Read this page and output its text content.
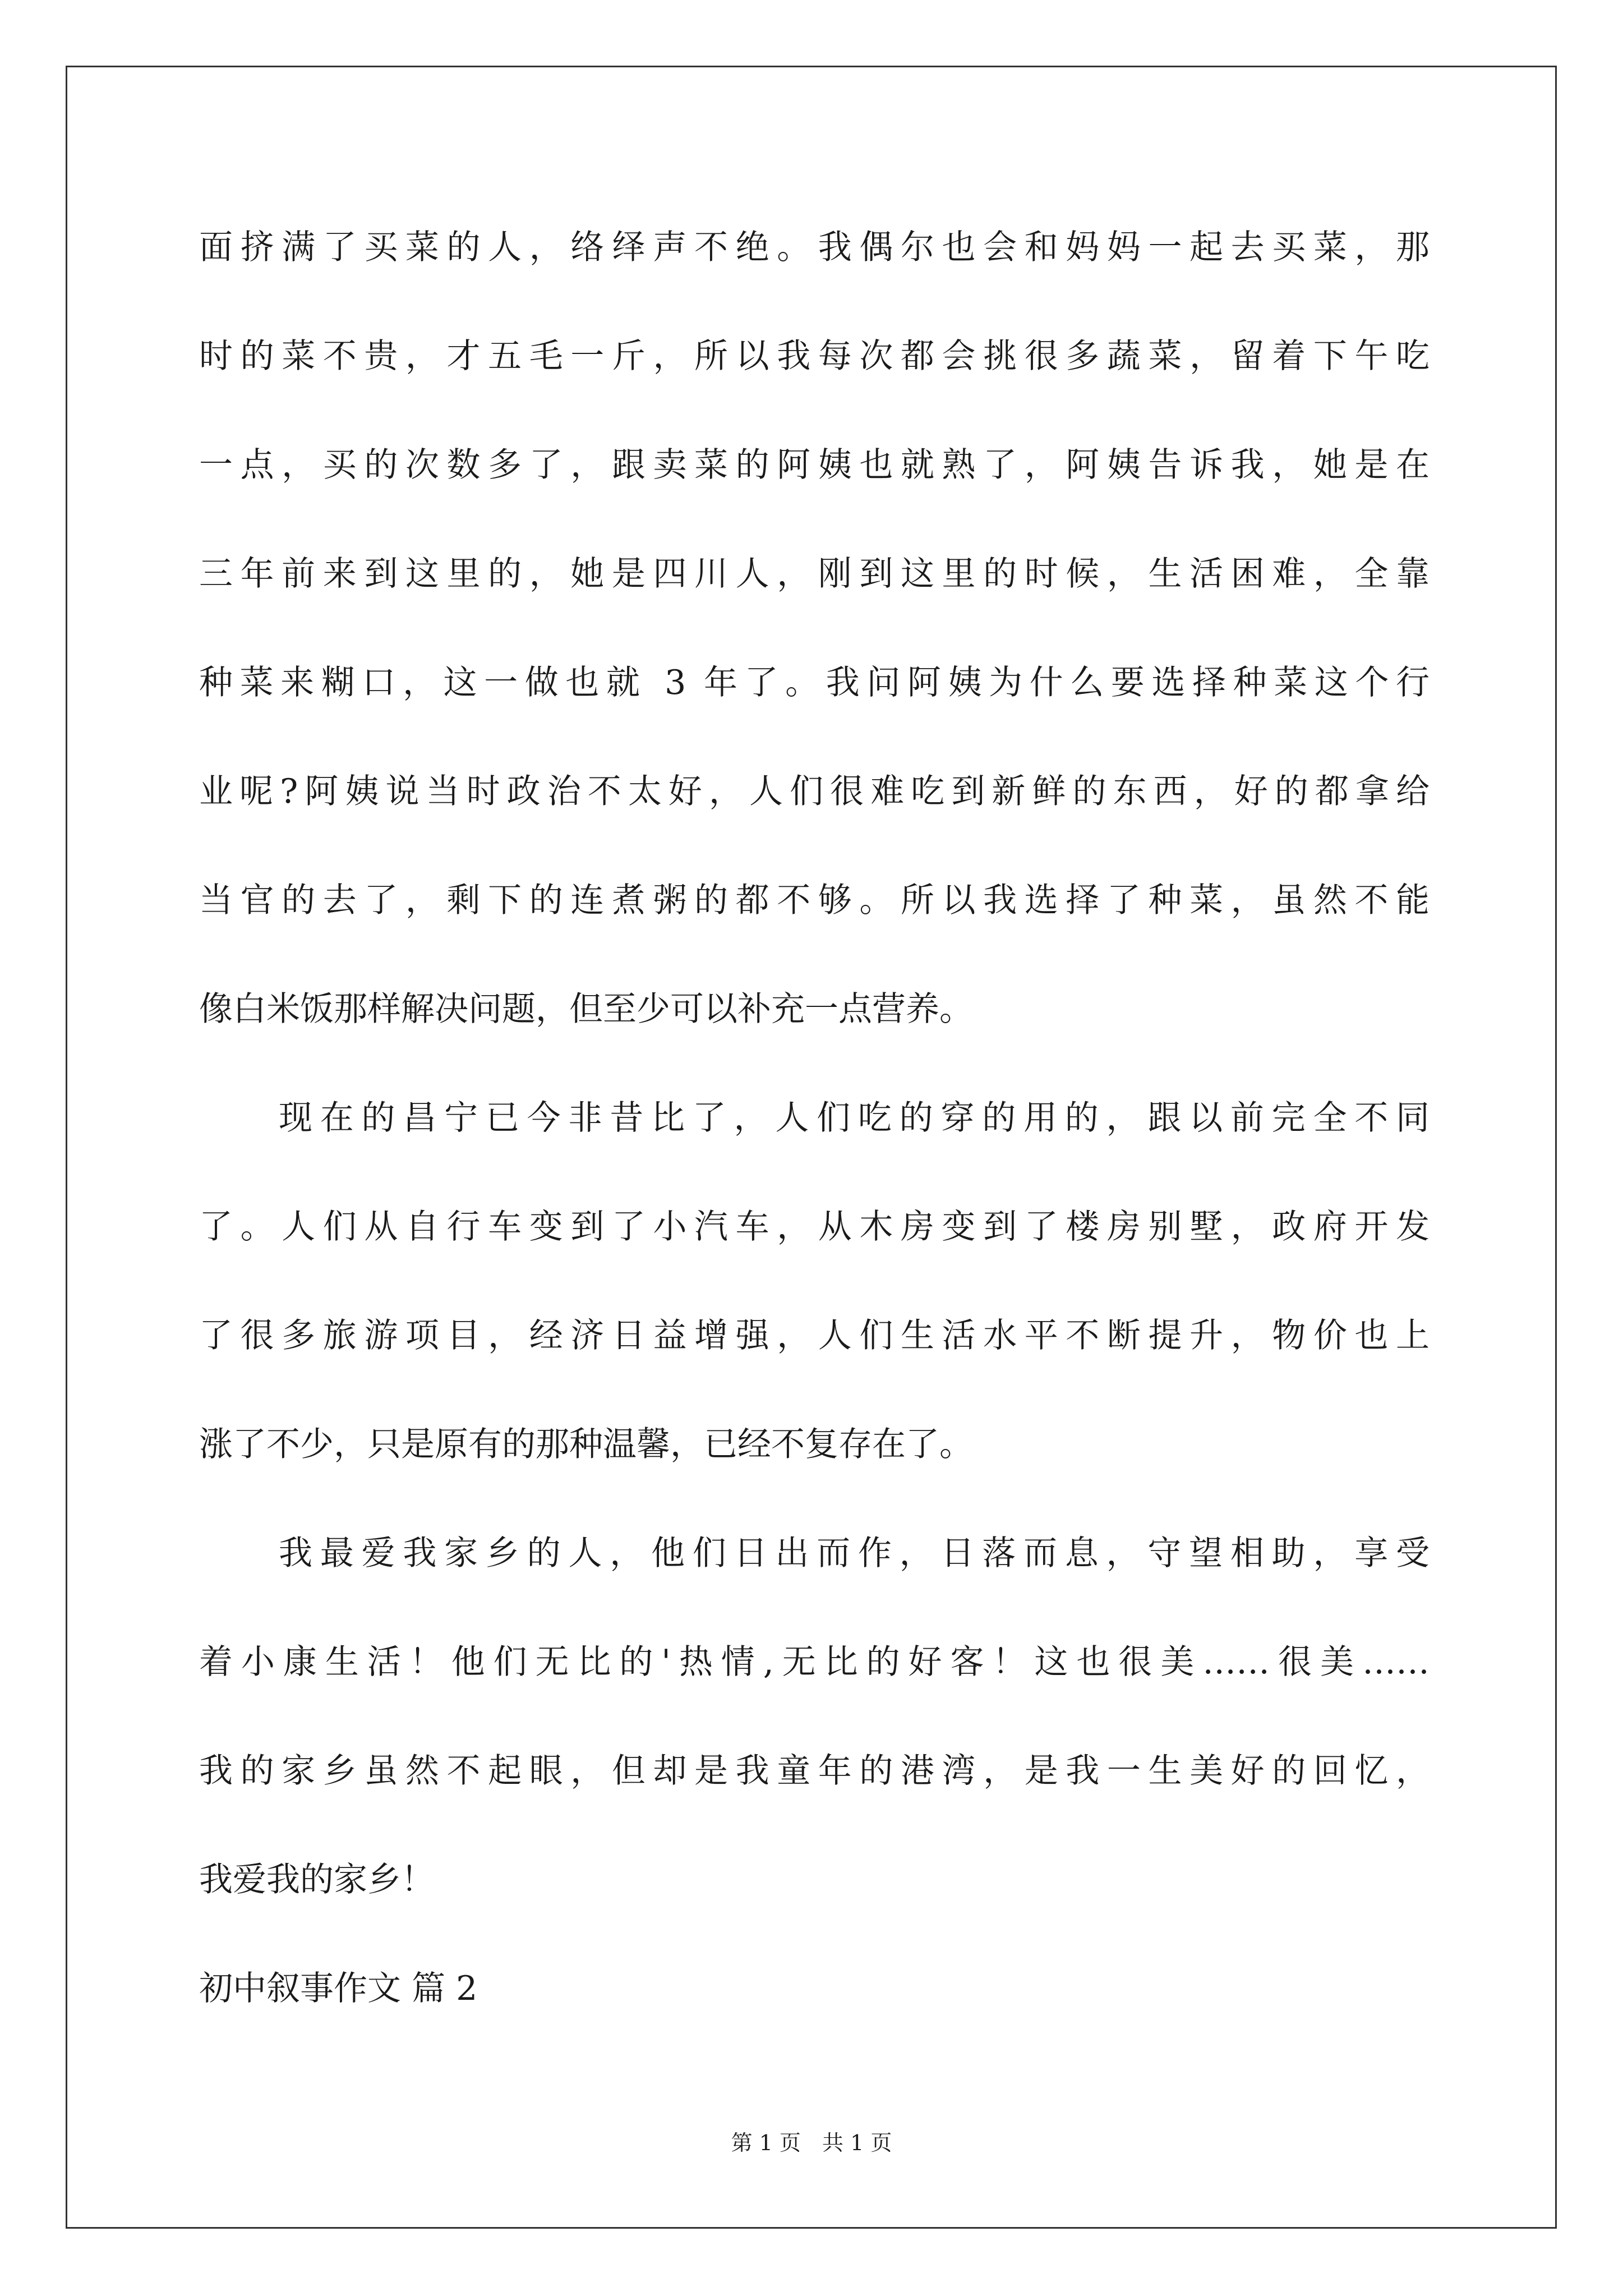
面挤满了买菜的人，络绎声不绝。我偶尔也会和妈妈一起去买菜，那
时的菜不贵，才五毛一斤，所以我每次都会挑很多蔬菜，留着下午吃
一点，买的次数多了，跟卖菜的阿姨也就熟了，阿姨告诉我，她是在
三年前来到这里的，她是四川人，刚到这里的时候，生活困难，全靠
种菜来糊口，这一做也就 3 年了。我问阿姨为什么要选择种菜这个行
业呢?阿姨说当时政治不太好，人们很难吃到新鲜的东西，好的都拿给
当官的去了，剩下的连煮粥的都不够。所以我选择了种菜，虽然不能
像白米饭那样解决问题，但至少可以补充一点营养。
现在的昌宁已今非昔比了，人们吃的穿的用的，跟以前完全不同
了。人们从自行车变到了小汽车，从木房变到了楼房别墅，政府开发
了很多旅游项目，经济日益增强，人们生活水平不断提升，物价也上
涨了不少，只是原有的那种温馨，已经不复存在了。
我最爱我家乡的人，他们日出而作，日落而息，守望相助，享受
着小康生活！他们无比的'热情,无比的好客！这也很美……很美……
我的家乡虽然不起眼，但却是我童年的港湾，是我一生美好的回忆，
我爱我的家乡！
初中叙事作文 篇 2
第 1 页　共 1 页
